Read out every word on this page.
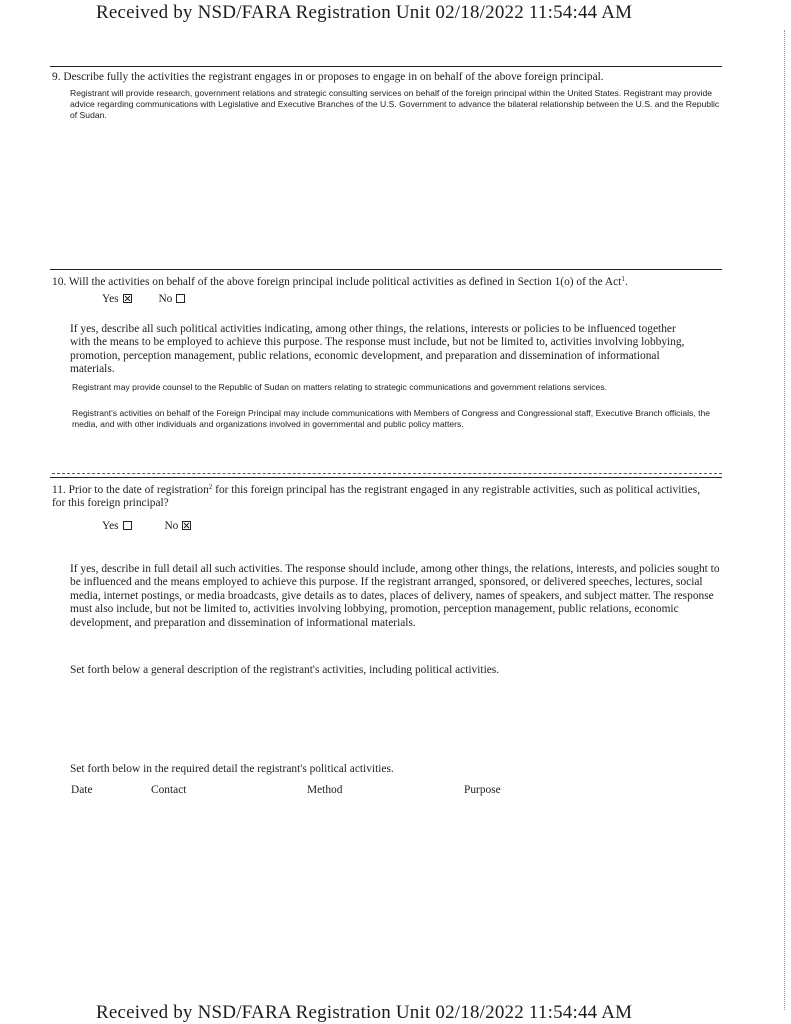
Received by NSD/FARA Registration Unit 02/18/2022 11:54:44 AM
9. Describe fully the activities the registrant engages in or proposes to engage in on behalf of the above foreign principal.
Registrant will provide research, government relations and strategic consulting services on behalf of the foreign principal within the United States. Registrant may provide advice regarding communications with Legislative and Executive Branches of the U.S. Government to advance the bilateral relationship between the U.S. and the Republic of Sudan.
10. Will the activities on behalf of the above foreign principal include political activities as defined in Section 1(o) of the Act$^1$.
Yes	No
If yes, describe all such political activities indicating, among other things, the relations, interests or policies to be influenced together with the means to be employed to achieve this purpose. The response must include, but not be limited to, activities involving lobbying, promotion, perception management, public relations, economic development, and preparation and dissemination of informational materials.
Registrant may provide counsel to the Republic of Sudan on matters relating to strategic communications and government relations services.
Registrant's activities on behalf of the Foreign Principal may include communications with Members of Congress and Congressional staff, Executive Branch officials, the media, and with other individuals and organizations involved in governmental and public policy matters.
11. Prior to the date of registration$^2$ for this foreign principal has the registrant engaged in any registrable activities, such as political activities, for this foreign principal?
Yes	No
If yes, describe in full detail all such activities. The response should include, among other things, the relations, interests, and policies sought to be influenced and the means employed to achieve this purpose. If the registrant arranged, sponsored, or delivered speeches, lectures, social media, internet postings, or media broadcasts, give details as to dates, places of delivery, names of speakers, and subject matter. The response must also include, but not be limited to, activities involving lobbying, promotion, perception management, public relations, economic development, and preparation and dissemination of informational materials.
Set forth below a general description of the registrant's activities, including political activities.
Set forth below in the required detail the registrant's political activities.
Date	Contact	Method	Purpose
Received by NSD/FARA Registration Unit 02/18/2022 11:54:44 AM
